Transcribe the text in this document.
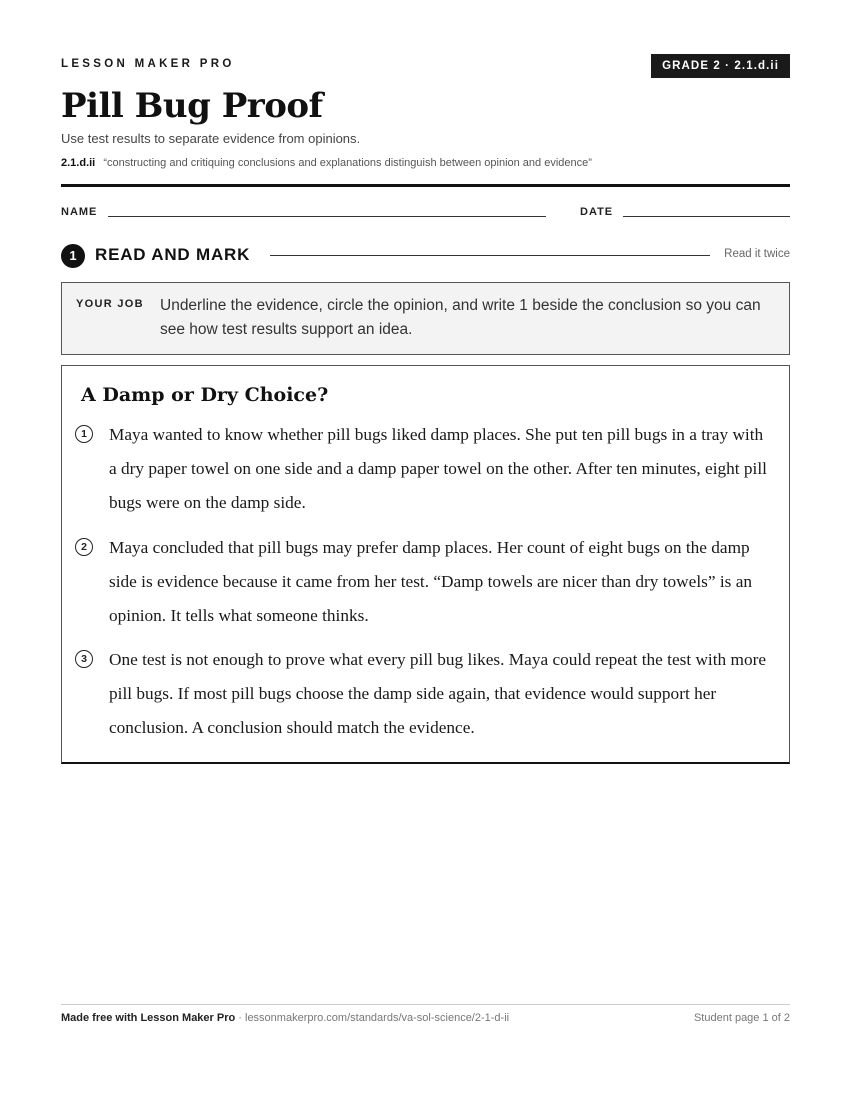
LESSON MAKER PRO	GRADE 2 · 2.1.d.ii
Pill Bug Proof
Use test results to separate evidence from opinions.
2.1.d.ii “constructing and critiquing conclusions and explanations distinguish between opinion and evidence”
NAME	DATE
1	READ AND MARK	Read it twice
YOUR JOB Underline the evidence, circle the opinion, and write 1 beside the conclusion so you can see how test results support an idea.
A Damp or Dry Choice?
1	Maya wanted to know whether pill bugs liked damp places. She put ten pill bugs in a tray with a dry paper towel on one side and a damp paper towel on the other. After ten minutes, eight pill bugs were on the damp side.
2	Maya concluded that pill bugs may prefer damp places. Her count of eight bugs on the damp side is evidence because it came from her test. “Damp towels are nicer than dry towels” is an opinion. It tells what someone thinks.
3	One test is not enough to prove what every pill bug likes. Maya could repeat the test with more pill bugs. If most pill bugs choose the damp side again, that evidence would support her conclusion. A conclusion should match the evidence.
Made free with Lesson Maker Pro · lessonmakerpro.com/standards/va-sol-science/2-1-d-ii	Student page 1 of 2
